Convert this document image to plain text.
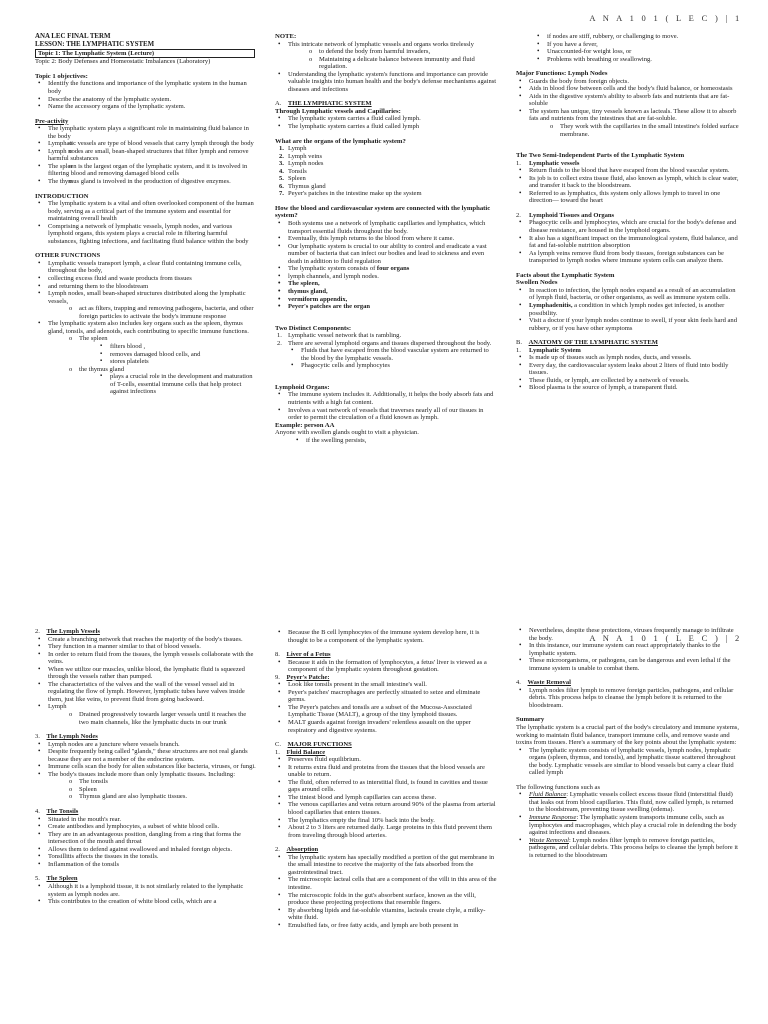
A N A 1 0 1 ( L E C ) | 1

ANA LEC FINAL TERM

LESSON: THE LYMPHATIC SYSTEM

Topic 1: The Lymphatic System (Lecture)

Topic 2: Body Defenses and Homeostatic Imbalances (Laboratory)

Topic 1 objectives:
• Identify the functions and importance of the lymphatic system in the human body
• Describe the anatomy of the lymphatic system.
• Name the accessory organs of the lymphatic system.
Pre-activity
• The lymphatic system plays a significant role in maintaining fluid balance in the body
• Lymphatic vessels are type of blood vessels that carry lymph through the body
• Lymph nodes are small, bean-shaped structures that filter lymph and remove harmful substances
• The spleen is the largest organ of the lymphatic system, and it is involved in filtering blood and removing damaged blood cells
• The thymus gland is involved in the production of digestive enzymes.
INTRODUCTION
• The lymphatic system is a vital and often overlooked component of the human body, serving as a critical part of the immune system and essential for maintaining overall health
• Comprising a network of lymphatic vessels, lymph nodes, and various lymphoid organs, this system plays a crucial role in filtering harmful substances, fighting infections, and facilitating fluid balance within the body
OTHER FUNCTIONS
• Lymphatic vessels transport lymph, a clear fluid containing immune cells, throughout the body,
• collecting excess fluid and waste products from tissues
• and returning them to the bloodstream
• Lymph nodes, small bean-shaped structures distributed along the lymphatic vessels,
o act as filters, trapping and removing pathogens, bacteria, and other foreign particles to activate the body's immune response
• The lymphatic system also includes key organs such as the spleen, thymus gland, tonsils, and adenoids, each contributing to specific immune functions.
o The spleen
▪ filters blood ,
▪ removes damaged blood cells, and
▪ stores platelets
o the thymus gland
▪ plays a crucial role in the development and maturation of T-cells, essential immune cells that help protect against infections
NOTE:
• This intricate network of lymphatic vessels and organs works tirelessly
o to defend the body from harmful invaders,
o Maintaining a delicate balance between immunity and fluid regulation.
• Understanding the lymphatic system's functions and importance can provide valuable insights into human health and the body's defense mechanisms against diseases and infections

A. THE LYMPHATIC SYSTEM

Through Lymphatic vessels and Capillaries:
• The lymphatic system carries a fluid called lymph.
• The lymphatic system carries a fluid called lymph
What are the organs of the lymphatic system?
1. Lymph
2. Lymph veins
3. Lymph nodes
4. Tonsils
5. Spleen
6. Thymus gland
7. Peyer's patches in the intestine make up the system
How the blood and cardiovascular system are connected with the lymphatic system?
• Both systems use a network of lymphatic capillaries and lymphatics, which transport essential fluids throughout the body.
• Eventually, this lymph returns to the blood from where it came.
• Our lymphatic system is crucial to our ability to control and eradicate a vast number of bacteria that can infect our bodies and lead to sickness and even death in addition to fluid regulation
• The lymphatic system consists of four organs
• lymph channels, and lymph nodes.
• The spleen,
• thymus gland,
• vermiform appendix,
• Peyer's patches are the organ
Two Distinct Components:
1. Lymphatic vessel network that is rambling.
2. There are several lymphoid organs and tissues dispersed throughout the body.
• Fluids that have escaped from the blood vascular system are returned to the blood by the lymphatic vessels.
• Phagocytic cells and lymphocytes
Lymphoid Organs:
• The immune system includes it. Additionally, it helps the body absorb fats and nutrients with a high fat content.
• Involves a vast network of vessels that traverses nearly all of our tissues in order to permit the circulation of a fluid known as lymph.
Example: person AA

Anyone with swollen glands ought to visit a physician.

• if the swelling persists,
• if nodes are stiff, rubbery, or challenging to move.
• If you have a fever,
• Unaccounted-for weight loss, or
• Problems with breathing or swallowing.
Major Functions: Lymph Nodes
• Guards the body from foreign objects.
• Aids in blood flow between cells and the body's fluid balance, or homeostasis
• Aids in the digestive system's ability to absorb fats and nutrients that are fat-soluble
• The system has unique, tiny vessels known as lacteals. These allow it to absorb fats and nutrients from the intestines that are fat-soluble.
o They work with the capillaries in the small intestine's folded surface membrane.
The Two Semi-Independent Parts of the Lymphatic System
1. Lymphatic vessels
• Return fluids to the blood that have escaped from the blood vascular system.
• Its job is to collect extra tissue fluid, also known as lymph, which is clear water, and transfer it back to the bloodstream.
• Referred to as lymphatics, this system only allows lymph to travel in one direction— toward the heart
2. Lymphoid Tissues and Organs
• Phagocytic cells and lymphocytes, which are crucial for the body's defense and disease resistance, are housed in the lymphoid organs.
• It also has a significant impact on the immunological system, fluid balance, and fat and fat-soluble nutrition absorption
• As lymph veins remove fluid from body tissues, foreign substances can be transported to lymph nodes where immune system cells can analyze them.
Facts about the Lymphatic System
Swollen Nodes
• In reaction to infection, the lymph nodes expand as a result of an accumulation of lymph fluid, bacteria, or other organisms, as well as immune system cells.
• Lymphadenitis, a condition in which lymph nodes get infected, is another possibility.
• Visit a doctor if your lymph nodes continue to swell, if your skin feels hard and rubbery, or if you have other symptoms

B. ANATOMY OF THE LYMPHATIC SYSTEM

1. Lymphatic System
• Is made up of tissues such as lymph nodes, ducts, and vessels.
• Every day, the cardiovascular system leaks about 2 liters of fluid into bodily tissues.
• These fluids, or lymph, are collected by a network of vessels.
• Blood plasma is the source of lymph, a transparent fluid.
A N A 1 0 1 ( L E C ) | 2

2. The Lymph Vessels

• Create a branching network that reaches the majority of the body's tissues.
• They function in a manner similar to that of blood vessels.
• In order to return fluid from the tissues, the lymph vessels collaborate with the veins.
• When we utilize our muscles, unlike blood, the lymphatic fluid is squeezed through the vessels rather than pumped.
• The characteristics of the valves and the wall of the vessel vessel aid in regulating the flow of lymph. However, lymphatic tubes have valves inside them, just like veins, to prevent fluid from going backward.
• Lymph
o Drained progressively towards larger vessels until it reaches the two main channels, like the lymphatic ducts in our trunk

3. The Lymph Nodes

• Lymph nodes are a juncture where vessels branch.
• Despite frequently being called "glands," these structures are not real glands because they are not a member of the endocrine system.
• Immune cells scan the body for alien substances like bacteria, viruses, or fungi.
• The body's tissues include more than only lymphatic tissues. Including:
o The tonsils
o Spleen
o Thymus gland are also lymphatic tissues.

4. The Tonsils

• Situated in the mouth's rear.
• Create antibodies and lymphocytes, a subset of white blood cells.
• They are in an advantageous position, dangling from a ring that forms the intersection of the mouth and throat
• Allows them to defend against swallowed and inhaled foreign objects.
• Tonsillitis affects the tissues in the tonsils.
• Inflammation of the tonsils

5. The Spleen

• Although it is a lymphoid tissue, it is not similarly related to the lymphatic system as lymph nodes are.
• This contributes to the creation of white blood cells, which are a
• Because the B cell lymphocytes of the immune system develop here, it is thought to be a component of the lymphatic system.

8. Liver of a Fetus

• Because it aids in the formation of lymphocytes, a fetus' liver is viewed as a component of the lymphatic system throughout gestation.

9. Peyer's Patche:

• Look like tonsils present in the small intestine's wall.
• Peyer's patches' macrophages are perfectly situated to seize and eliminate germs.
• The Peyer's patches and tonsils are a subset of the Mucosa-Associated Lymphatic Tissue (MALT), a group of the tiny lymphoid tissues.
• MALT guards against foreign invaders' relentless assault on the upper respiratory and digestive systems.

C. MAJOR FUNCTIONS

1. Fluid Balance

• Preserves fluid equilibrium.
• It returns extra fluid and proteins from the tissues that the blood vessels are unable to return.
• The fluid, often referred to as interstitial fluid, is found in cavities and tissue gaps around cells.
• The tiniest blood and lymph capillaries can access these.
• The venous capillaries and veins return around 90% of the plasma from arterial blood capillaries that enters tissues.
• The lymphatics empty the final 10% back into the body.
• About 2 to 3 liters are returned daily. Large proteins in this fluid prevent them from traveling through blood arteries.

2. Absorption

• The lymphatic system has specially modified a portion of the gut membrane in the small intestine to receive the majority of the fats absorbed from the gastrointestinal tract.
• The microscopic lacteal cells that are a component of the villi in this area of the intestine.
• The microscopic folds in the gut's absorbent surface, known as the villi, produce these projecting projections that resemble fingers.
• By absorbing lipids and fat-soluble vitamins, lacteals create chyle, a milky-white fluid.
• Emulsified fats, or free fatty acids, and lymph are both present in
• Nevertheless, despite these protections, viruses frequently manage to infiltrate the body.
• In this instance, our immune system can react appropriately thanks to the lymphatic system.
• These microorganisms, or pathogens, can be dangerous and even lethal if the immune system is unable to combat them.

4. Waste Removal

• Lymph nodes filter lymph to remove foreign particles, pathogens, and cellular debris. This process helps to cleanse the lymph before it is returned to the bloodstream.
Summary

The lymphatic system is a crucial part of the body's circulatory and immune systems, working to maintain fluid balance, transport immune cells, and remove waste and toxins from tissues. Here's a summary of the key points about the lymphatic system:

• The lymphatic system consists of lymphatic vessels, lymph nodes, lymphatic organs (spleen, thymus, and tonsils), and lymphatic tissue scattered throughout the body. Lymphatic vessels are similar to blood vessels but carry a clear fluid called lymph

The following functions such as

• Fluid Balance: Lymphatic vessels collect excess tissue fluid (interstitial fluid) that leaks out from blood capillaries. This fluid, now called lymph, is returned to the bloodstream, preventing tissue swelling (edema).
• Immune Response: The lymphatic system transports immune cells, such as lymphocytes and macrophages, which play a crucial role in defending the body against infections and diseases.
• Waste Removal: Lymph nodes filter lymph to remove foreign particles, pathogens, and cellular debris. This process helps to cleanse the lymph before it is returned to the bloodstream
